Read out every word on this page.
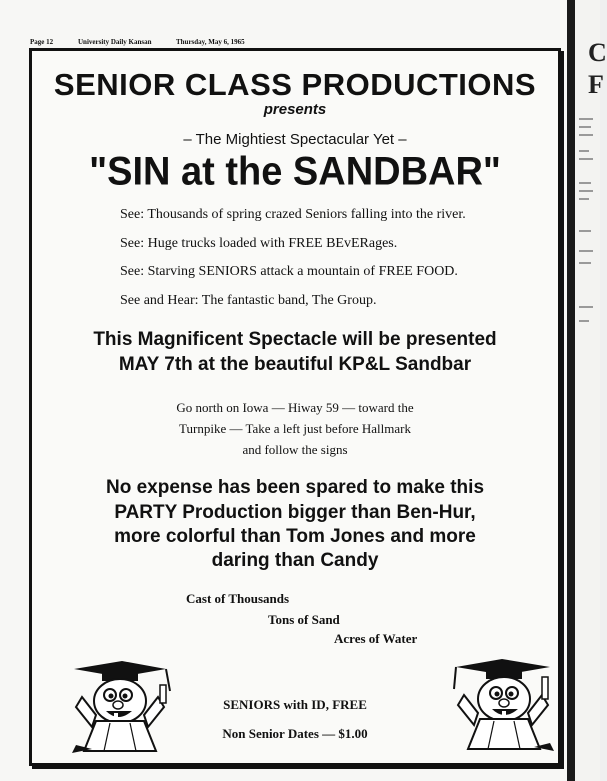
Page 12	University Daily Kansan	Thursday, May 6, 1965
SENIOR CLASS PRODUCTIONS
presents
– The Mightiest Spectacular Yet –
"SIN at the SANDBAR"
See: Thousands of spring crazed Seniors falling into the river.
See: Huge trucks loaded with FREE BEvERages.
See: Starving SENIORS attack a mountain of FREE FOOD.
See and Hear: The fantastic band, The Group.
This Magnificent Spectacle will be presented
MAY 7th at the beautiful KP&L Sandbar
Go north on Iowa — Hiway 59 — toward the
Turnpike — Take a left just before Hallmark
and follow the signs
No expense has been spared to make this
PARTY Production bigger than Ben-Hur,
more colorful than Tom Jones and more
daring than Candy
Cast of Thousands
Tons of Sand
Acres of Water
SENIORS with ID, FREE
Non Senior Dates — $1.00
C
F
